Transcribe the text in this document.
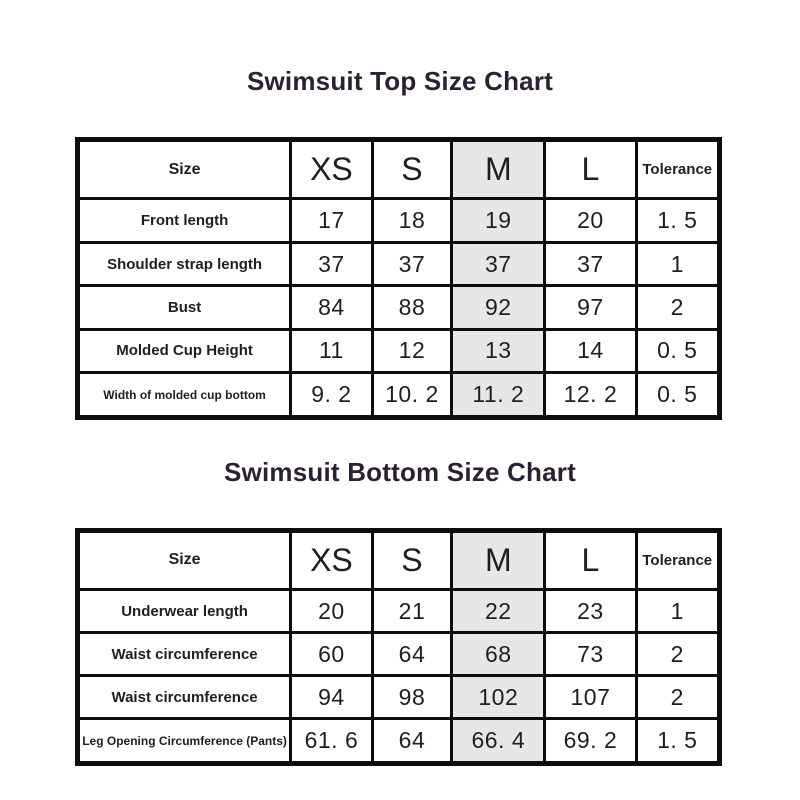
Swimsuit Top Size Chart
Size	XS	S	M	L	Tolerance
Front length	17	18	19	20	1. 5
Shoulder strap length	37	37	37	37	1
Bust	84	88	92	97	2
Molded Cup Height	11	12	13	14	0. 5
Width of molded cup bottom	9. 2	10. 2	11. 2	12. 2	0. 5
Swimsuit Bottom Size Chart
Size	XS	S	M	L	Tolerance
Underwear length	20	21	22	23	1
Waist circumference	60	64	68	73	2
Waist circumference	94	98	102	107	2
Leg Opening Circumference (Pants)	61. 6	64	66. 4	69. 2	1. 5
